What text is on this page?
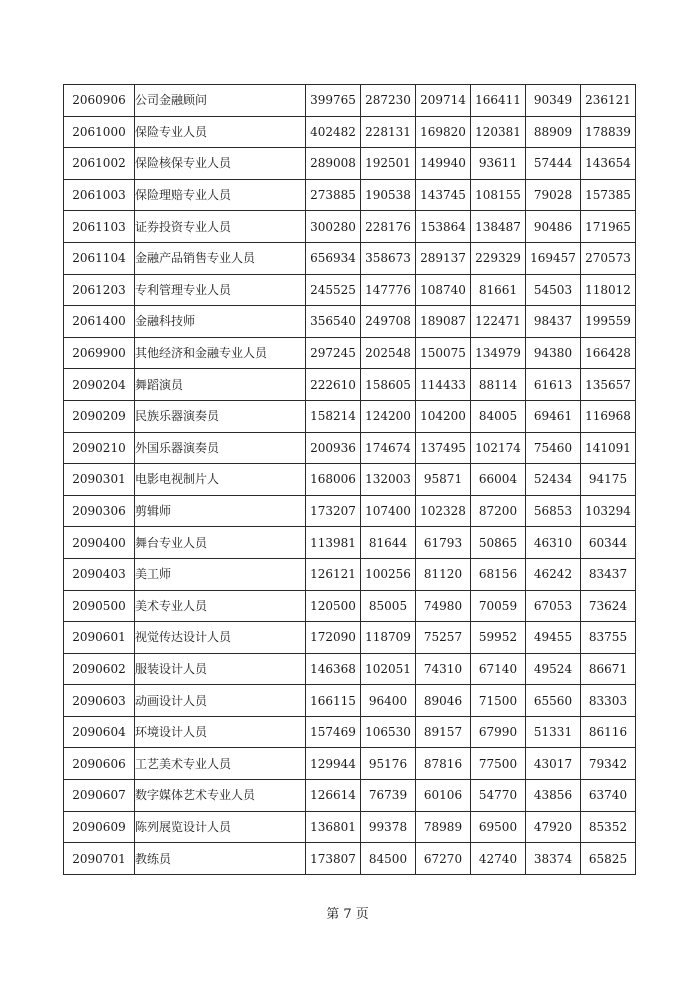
2060906	公司金融顾问	399765	287230	209714	166411	90349	236121
2061000	保险专业人员	402482	228131	169820	120381	88909	178839
2061002	保险核保专业人员	289008	192501	149940	93611	57444	143654
2061003	保险理赔专业人员	273885	190538	143745	108155	79028	157385
2061103	证券投资专业人员	300280	228176	153864	138487	90486	171965
2061104	金融产品销售专业人员	656934	358673	289137	229329	169457	270573
2061203	专利管理专业人员	245525	147776	108740	81661	54503	118012
2061400	金融科技师	356540	249708	189087	122471	98437	199559
2069900	其他经济和金融专业人员	297245	202548	150075	134979	94380	166428
2090204	舞蹈演员	222610	158605	114433	88114	61613	135657
2090209	民族乐器演奏员	158214	124200	104200	84005	69461	116968
2090210	外国乐器演奏员	200936	174674	137495	102174	75460	141091
2090301	电影电视制片人	168006	132003	95871	66004	52434	94175
2090306	剪辑师	173207	107400	102328	87200	56853	103294
2090400	舞台专业人员	113981	81644	61793	50865	46310	60344
2090403	美工师	126121	100256	81120	68156	46242	83437
2090500	美术专业人员	120500	85005	74980	70059	67053	73624
2090601	视觉传达设计人员	172090	118709	75257	59952	49455	83755
2090602	服装设计人员	146368	102051	74310	67140	49524	86671
2090603	动画设计人员	166115	96400	89046	71500	65560	83303
2090604	环境设计人员	157469	106530	89157	67990	51331	86116
2090606	工艺美术专业人员	129944	95176	87816	77500	43017	79342
2090607	数字媒体艺术专业人员	126614	76739	60106	54770	43856	63740
2090609	陈列展览设计人员	136801	99378	78989	69500	47920	85352
2090701	教练员	173807	84500	67270	42740	38374	65825
第 7 页
